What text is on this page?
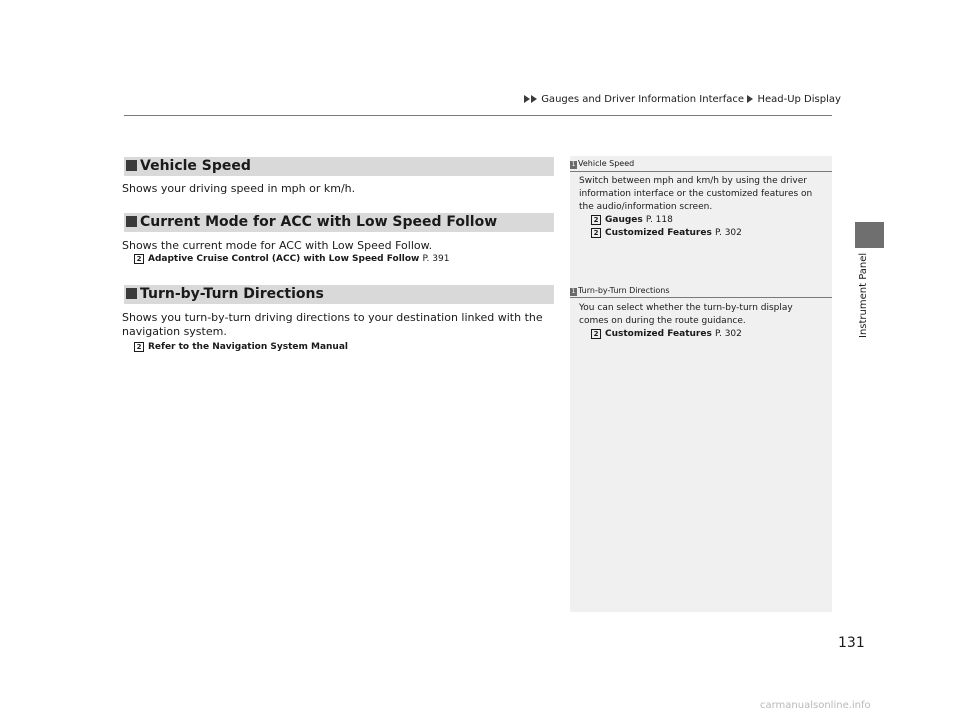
Gauges and Driver Information Interface Head-Up Display
Instrument Panel
Vehicle Speed
Shows your driving speed in mph or km/h.
Current Mode for ACC with Low Speed Follow
Shows the current mode for ACC with Low Speed Follow.
2 Adaptive Cruise Control (ACC) with Low Speed Follow P. 391
Turn-by-Turn Directions
Shows you turn-by-turn driving directions to your destination linked with the
navigation system.
2 Refer to the Navigation System Manual
1 Vehicle Speed
Switch between mph and km/h by using the driver
information interface or the customized features on
the audio/information screen.
2 Gauges P. 118
2 Customized Features P. 302
1 Turn-by-Turn Directions
You can select whether the turn-by-turn display
comes on during the route guidance.
2 Customized Features P. 302
131
carmanualsonline.info
